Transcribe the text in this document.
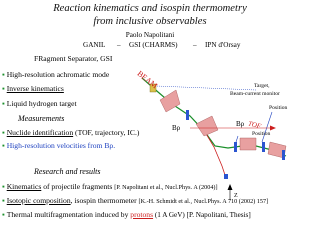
Reaction kinematics and isospin thermometry
from inclusive observables
Paolo Napolitani
GANIL – GSI (CHARMS) – IPN d'Orsay
FRagment Separator, GSI
▪ High-resolution achromatic mode
▪ Inverse kinematics
▪ Liquid hydrogen target
BEAM	Target,
Beam-current monitor
Position
Position
TOF
Bρ	Bρ
Z
Measurements
▪ Nuclide identification (TOF, trajectory, IC.)
▪ High-resolution velocities from Bρ.
Research and results
▪ Kinematics of projectile fragments [P. Napolitani et al., Nucl.Phys. A (2004)]
▪ Isotopic composition, isospin thermometer [K.-H. Schmidt et al., Nucl.Phys. A 710 (2002) 157]
▪ Thermal multifragmentation induced by protons (1 A GeV) [P. Napolitani, Thesis]
